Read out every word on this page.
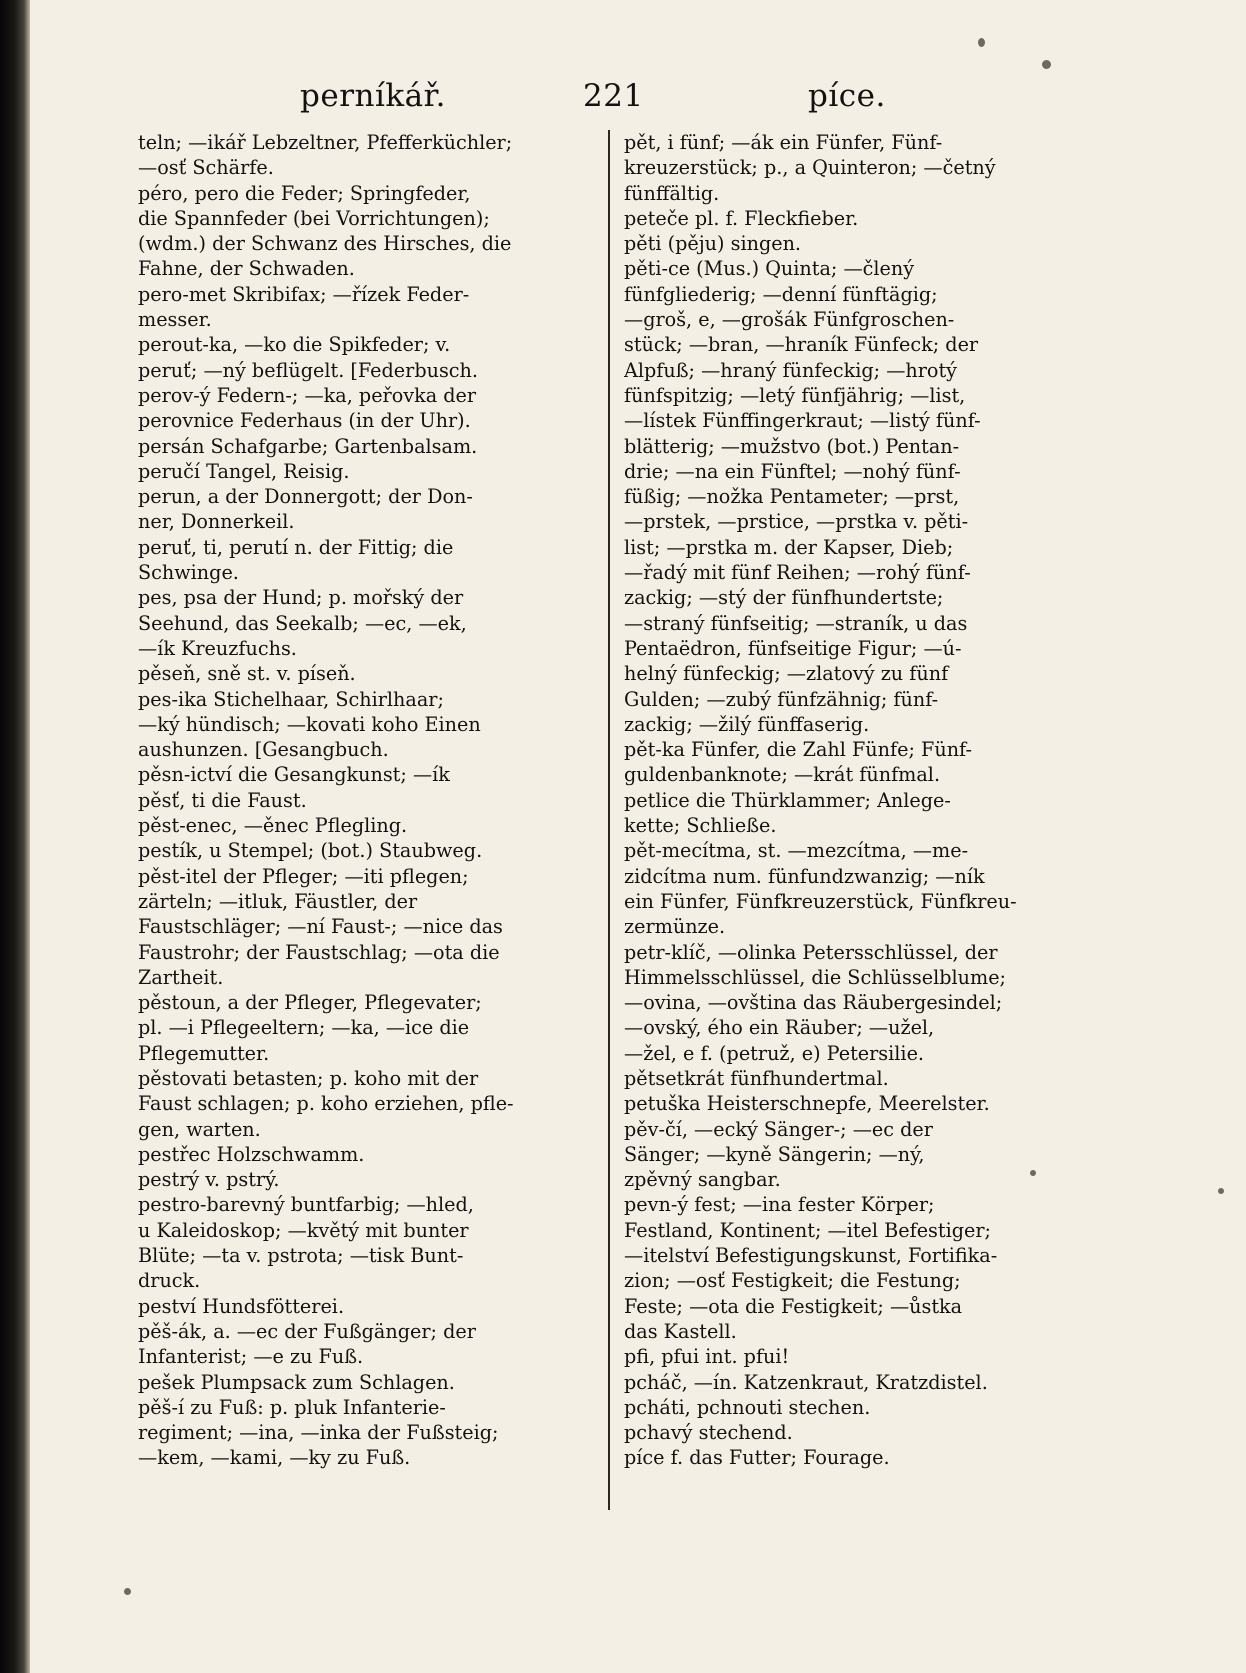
perníkář.	221	píce.
teln; —ikář Lebzeltner, Pfefferküchler;
—osť Schärfe.
péro, pero die Feder; Springfeder,
die Spannfeder (bei Vorrichtungen);
(wdm.) der Schwanz des Hirsches, die
Fahne, der Schwaden.
pero-met Skribifax; —řízek Feder-
messer.
perout-ka, —ko die Spikfeder; v.
peruť; —ný beflügelt. [Federbusch.
perov-ý Federn-; —ka, peřovka der
perovnice Federhaus (in der Uhr).
persán Schafgarbe; Gartenbalsam.
peručí Tangel, Reisig.
perun, a der Donnergott; der Don-
ner, Donnerkeil.
peruť, ti, perutí n. der Fittig; die
Schwinge.
pes, psa der Hund; p. mořský der
Seehund, das Seekalb; —ec, —ek,
—ík Kreuzfuchs.
pěseň, sně st. v. píseň.
pes-ika Stichelhaar, Schirlhaar;
—ký hündisch; —kovati koho Einen
aushunzen. [Gesangbuch.
pěsn-ictví die Gesangkunst; —ík
pěsť, ti die Faust.
pěst-enec, —ěnec Pflegling.
pestík, u Stempel; (bot.) Staubweg.
pěst-itel der Pfleger; —iti pflegen;
zärteln; —itluk, Fäustler, der
Faustschläger; —ní Faust-; —nice das
Faustrohr; der Faustschlag; —ota die
Zartheit.
pěstoun, a der Pfleger, Pflegevater;
pl. —i Pflegeeltern; —ka, —ice die
Pflegemutter.
pěstovati betasten; p. koho mit der
Faust schlagen; p. koho erziehen, pfle-
gen, warten.
pestřec Holzschwamm.
pestrý v. pstrý.
pestro-barevný buntfarbig; —hled,
u Kaleidoskop; —květý mit bunter
Blüte; —ta v. pstrota; —tisk Bunt-
druck.
peství Hundsfötterei.
pěš-ák, a. —ec der Fußgänger; der
Infanterist; —e zu Fuß.
pešek Plumpsack zum Schlagen.
pěš-í zu Fuß: p. pluk Infanterie-
regiment; —ina, —inka der Fußsteig;
—kem, —kami, —ky zu Fuß.
pět, i fünf; —ák ein Fünfer, Fünf-
kreuzerstück; p., a Quinteron; —četný
fünffältig.
peteče pl. f. Fleckfieber.
pěti (pěju) singen.
pěti-ce (Mus.) Quinta; —člený
fünfgliederig; —denní fünftägig;
—groš, e, —grošák Fünfgroschen-
stück; —bran, —hraník Fünfeck; der
Alpfuß; —hraný fünfeckig; —hrotý
fünfspitzig; —letý fünfjährig; —list,
—lístek Fünffingerkraut; —listý fünf-
blätterig; —mužstvo (bot.) Pentan-
drie; —na ein Fünftel; —nohý fünf-
füßig; —nožka Pentameter; —prst,
—prstek, —prstice, —prstka v. pěti-
list; —prstka m. der Kapser, Dieb;
—řadý mit fünf Reihen; —rohý fünf-
zackig; —stý der fünfhundertste;
—straný fünfseitig; —straník, u das
Pentaëdron, fünfseitige Figur; —ú-
helný fünfeckig; —zlatový zu fünf
Gulden; —zubý fünfzähnig; fünf-
zackig; —žilý fünffaserig.
pět-ka Fünfer, die Zahl Fünfe; Fünf-
guldenbanknote; —krát fünfmal.
petlice die Thürklammer; Anlege-
kette; Schließe.
pět-mecítma, st. —mezcítma, —me-
zidcítma num. fünfundzwanzig; —ník
ein Fünfer, Fünfkreuzerstück, Fünfkreu-
zermünze.
petr-klíč, —olinka Petersschlüssel, der
Himmelsschlüssel, die Schlüsselblume;
—ovina, —ovština das Räubergesindel;
—ovský, ého ein Räuber; —užel,
—žel, e f. (petruž, e) Petersilie.
pětsetkrát fünfhundertmal.
petuška Heisterschnepfe, Meerelster.
pěv-čí, —ecký Sänger-; —ec der
Sänger; —kyně Sängerin; —ný,
zpěvný sangbar.
pevn-ý fest; —ina fester Körper;
Festland, Kontinent; —itel Befestiger;
—itelství Befestigungskunst, Fortifika-
zion; —osť Festigkeit; die Festung;
Feste; —ota die Festigkeit; —ůstka
das Kastell.
pfi, pfui int. pfui!
pcháč, —ín. Katzenkraut, Kratzdistel.
pcháti, pchnouti stechen.
pchavý stechend.
píce f. das Futter; Fourage.
